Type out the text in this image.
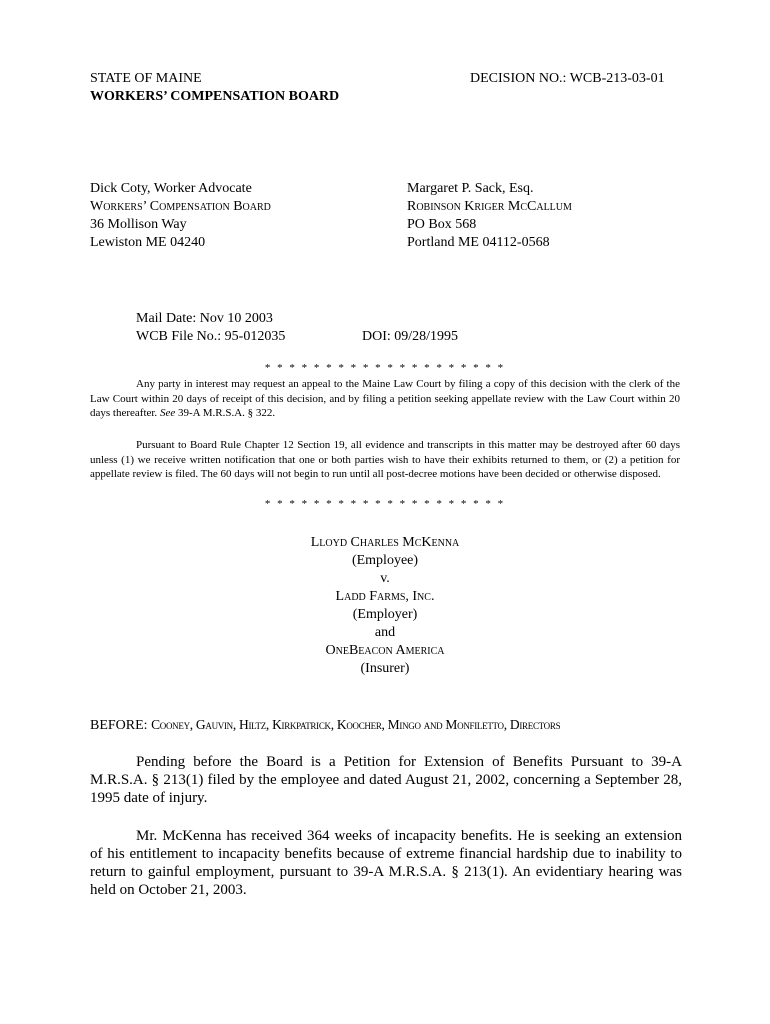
STATE OF MAINE
WORKERS’ COMPENSATION BOARD
DECISION NO.: WCB-213-03-01
Dick Coty, Worker Advocate
Workers’ Compensation Board
36 Mollison Way
Lewiston ME 04240
Margaret P. Sack, Esq.
Robinson Kriger McCallum
PO Box 568
Portland ME 04112-0568
Mail Date: Nov 10 2003
WCB File No.: 95-012035	DOI: 09/28/1995
* * * * * * * * * * * * * * * * * * * *
Any party in interest may request an appeal to the Maine Law Court by filing a copy of this decision with the clerk of the Law Court within 20 days of receipt of this decision, and by filing a petition seeking appellate review with the Law Court within 20 days thereafter. See 39-A M.R.S.A. § 322.
Pursuant to Board Rule Chapter 12 Section 19, all evidence and transcripts in this matter may be destroyed after 60 days unless (1) we receive written notification that one or both parties wish to have their exhibits returned to them, or (2) a petition for appellate review is filed. The 60 days will not begin to run until all post-decree motions have been decided or otherwise disposed.
* * * * * * * * * * * * * * * * * * * *
Lloyd Charles McKenna
(Employee)
v.
Ladd Farms, Inc.
(Employer)
and
OneBeacon America
(Insurer)
BEFORE: Cooney, Gauvin, Hiltz, Kirkpatrick, Koocher, Mingo and Monfiletto, Directors
Pending before the Board is a Petition for Extension of Benefits Pursuant to 39-A M.R.S.A. § 213(1) filed by the employee and dated August 21, 2002, concerning a September 28, 1995 date of injury.
Mr. McKenna has received 364 weeks of incapacity benefits. He is seeking an extension of his entitlement to incapacity benefits because of extreme financial hardship due to inability to return to gainful employment, pursuant to 39-A M.R.S.A. § 213(1). An evidentiary hearing was held on October 21, 2003.
